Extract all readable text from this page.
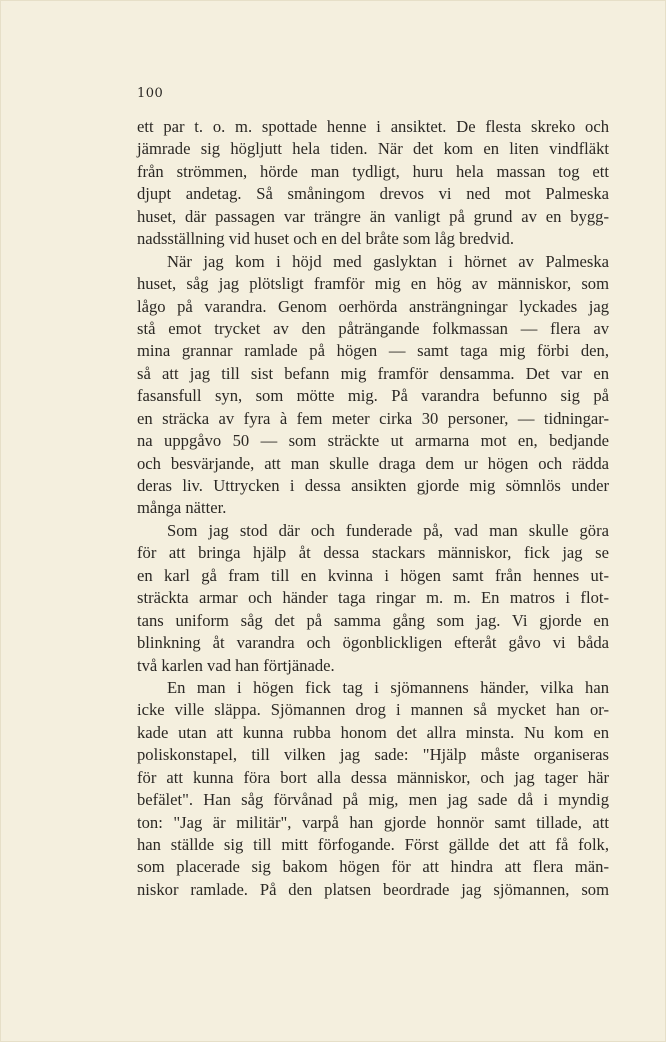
100
ett par t. o. m. spottade henne i ansiktet. De flesta skreko och
jämrade sig högljutt hela tiden. När det kom en liten vindfläkt
från strömmen, hörde man tydligt, huru hela massan tog ett
djupt andetag. Så småningom drevos vi ned mot Palmeska
huset, där passagen var trängre än vanligt på grund av en bygg-
nadsställning vid huset och en del bråte som låg bredvid.
När jag kom i höjd med gaslyktan i hörnet av Palmeska
huset, såg jag plötsligt framför mig en hög av människor, som
lågo på varandra. Genom oerhörda ansträngningar lyckades jag
stå emot trycket av den påträngande folkmassan — flera av
mina grannar ramlade på högen — samt taga mig förbi den,
så att jag till sist befann mig framför densamma. Det var en
fasansfull syn, som mötte mig. På varandra befunno sig på
en sträcka av fyra à fem meter cirka 30 personer, — tidningar-
na uppgåvo 50 — som sträckte ut armarna mot en, bedjande
och besvärjande, att man skulle draga dem ur högen och rädda
deras liv. Uttrycken i dessa ansikten gjorde mig sömnlös under
många nätter.
Som jag stod där och funderade på, vad man skulle göra
för att bringa hjälp åt dessa stackars människor, fick jag se
en karl gå fram till en kvinna i högen samt från hennes ut-
sträckta armar och händer taga ringar m. m. En matros i flot-
tans uniform såg det på samma gång som jag. Vi gjorde en
blinkning åt varandra och ögonblickligen efteråt gåvo vi båda
två karlen vad han förtjänade.
En man i högen fick tag i sjömannens händer, vilka han
icke ville släppa. Sjömannen drog i mannen så mycket han or-
kade utan att kunna rubba honom det allra minsta. Nu kom en
poliskonstapel, till vilken jag sade: "Hjälp måste organiseras
för att kunna föra bort alla dessa människor, och jag tager här
befälet". Han såg förvånad på mig, men jag sade då i myndig
ton: "Jag är militär", varpå han gjorde honnör samt tillade, att
han ställde sig till mitt förfogande. Först gällde det att få folk,
som placerade sig bakom högen för att hindra att flera män-
niskor ramlade. På den platsen beordrade jag sjömannen, som
